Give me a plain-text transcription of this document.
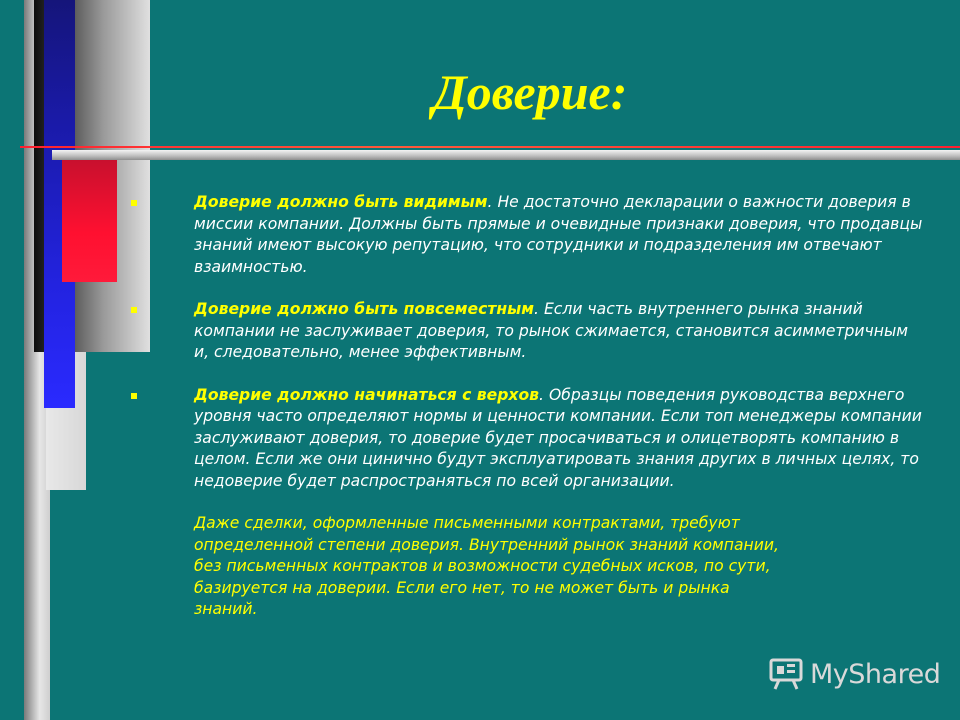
Доверие:
Доверие должно быть видимым. Не достаточно декларации о важности доверия в миссии компании. Должны быть прямые и очевидные признаки доверия, что продавцы знаний имеют высокую репутацию, что сотрудники и подразделения им отвечают взаимностью.
Доверие должно быть повсеместным. Если часть внутреннего рынка знаний компании не заслуживает доверия, то рынок сжимается, становится асимметричным и, следовательно, менее эффективным.
Доверие должно начинаться с верхов. Образцы поведения руководства верхнего уровня часто определяют нормы и ценности компании. Если топ менеджеры компании заслуживают доверия, то доверие будет просачиваться и олицетворять компанию в целом. Если же они цинично будут эксплуатировать знания других в личных целях, то недоверие будет распространяться по всей организации.
Даже сделки, оформленные письменными контрактами, требуют
определенной степени доверия. Внутренний рынок знаний компании,
без письменных контрактов и возможности судебных исков, по сути,
базируется на доверии. Если его нет, то не может быть и рынка
знаний.
MyShared
